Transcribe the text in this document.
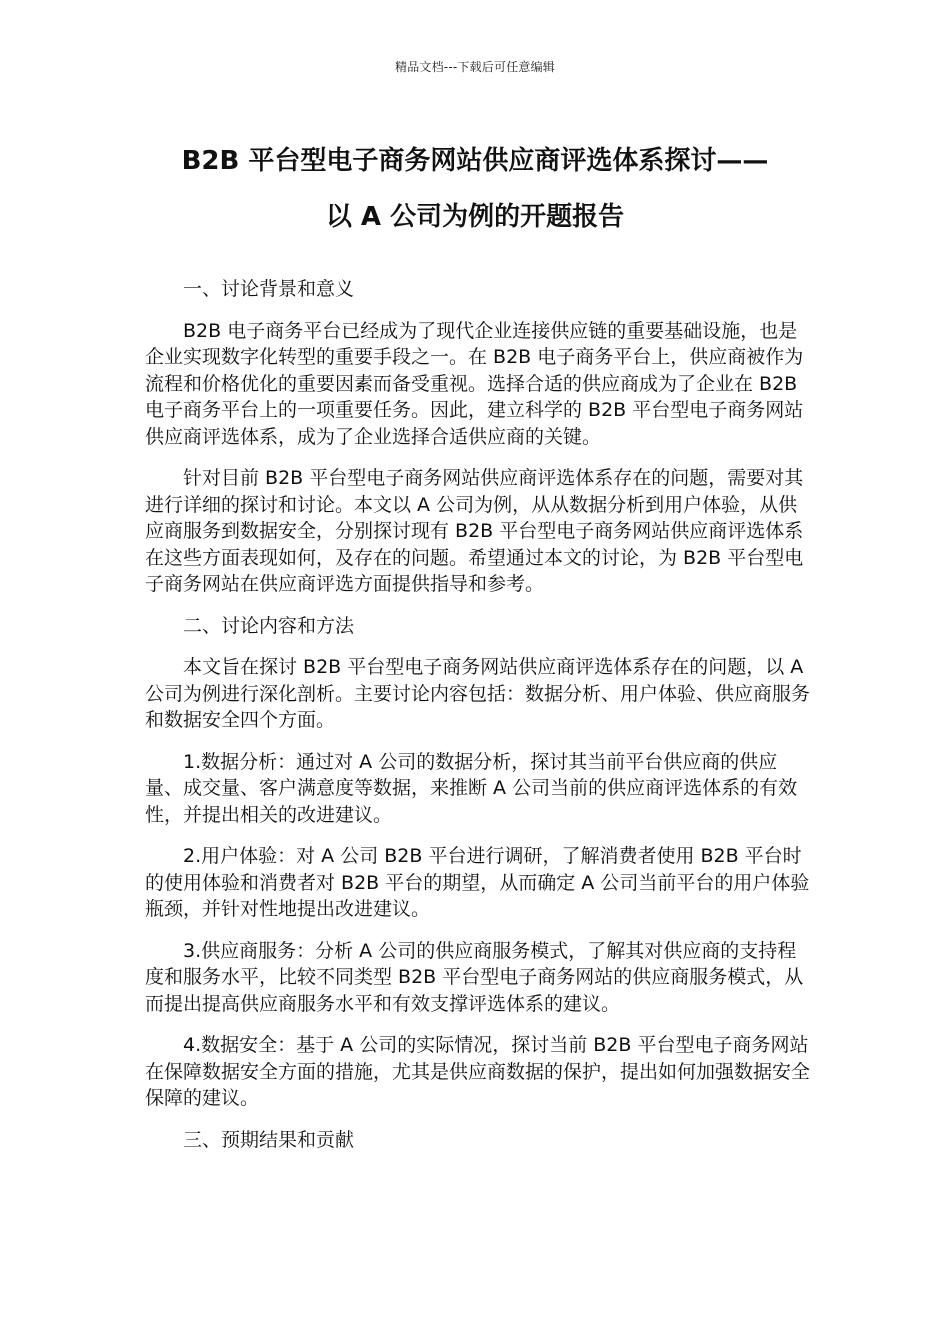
精品文档---下载后可任意编辑
B2B 平台型电子商务网站供应商评选体系探讨——
以 A 公司为例的开题报告

一、讨论背景和意义

B2B 电子商务平台已经成为了现代企业连接供应链的重要基础设施，也是企业实现数字化转型的重要手段之一。在 B2B 电子商务平台上，供应商被作为流程和价格优化的重要因素而备受重视。选择合适的供应商成为了企业在 B2B 电子商务平台上的一项重要任务。因此，建立科学的 B2B 平台型电子商务网站供应商评选体系，成为了企业选择合适供应商的关键。

针对目前 B2B 平台型电子商务网站供应商评选体系存在的问题，需要对其进行详细的探讨和讨论。本文以 A 公司为例，从从数据分析到用户体验，从供应商服务到数据安全，分别探讨现有 B2B 平台型电子商务网站供应商评选体系在这些方面表现如何，及存在的问题。希望通过本文的讨论，为 B2B 平台型电子商务网站在供应商评选方面提供指导和参考。

二、讨论内容和方法

本文旨在探讨 B2B 平台型电子商务网站供应商评选体系存在的问题，以 A 公司为例进行深化剖析。主要讨论内容包括：数据分析、用户体验、供应商服务和数据安全四个方面。

1.数据分析：通过对 A 公司的数据分析，探讨其当前平台供应商的供应量、成交量、客户满意度等数据，来推断 A 公司当前的供应商评选体系的有效性，并提出相关的改进建议。

2.用户体验：对 A 公司 B2B 平台进行调研，了解消费者使用 B2B 平台时的使用体验和消费者对 B2B 平台的期望，从而确定 A 公司当前平台的用户体验瓶颈，并针对性地提出改进建议。

3.供应商服务：分析 A 公司的供应商服务模式，了解其对供应商的支持程度和服务水平，比较不同类型 B2B 平台型电子商务网站的供应商服务模式，从而提出提高供应商服务水平和有效支撑评选体系的建议。

4.数据安全：基于 A 公司的实际情况，探讨当前 B2B 平台型电子商务网站在保障数据安全方面的措施，尤其是供应商数据的保护，提出如何加强数据安全保障的建议。

三、预期结果和贡献
